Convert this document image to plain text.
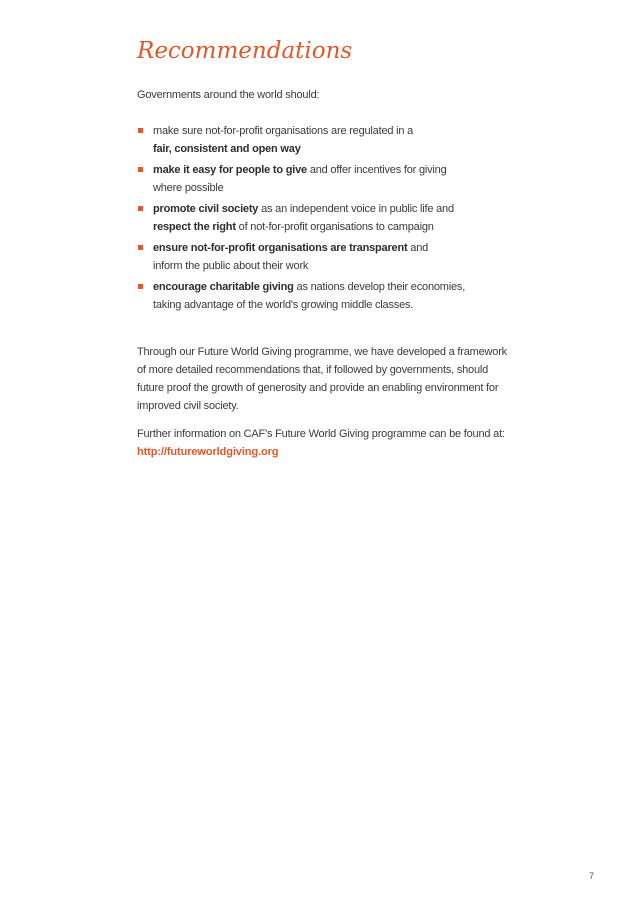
Recommendations

Governments around the world should:

make sure not-for-profit organisations are regulated in a
fair, consistent and open way
make it easy for people to give and offer incentives for giving
where possible
promote civil society as an independent voice in public life and
respect the right of not-for-profit organisations to campaign
ensure not-for-profit organisations are transparent and
inform the public about their work
encourage charitable giving as nations develop their economies,
taking advantage of the world's growing middle classes.

Through our Future World Giving programme, we have developed a framework
of more detailed recommendations that, if followed by governments, should
future proof the growth of generosity and provide an enabling environment for
improved civil society.

Further information on CAF's Future World Giving programme can be found at:
http://futureworldgiving.org

7
